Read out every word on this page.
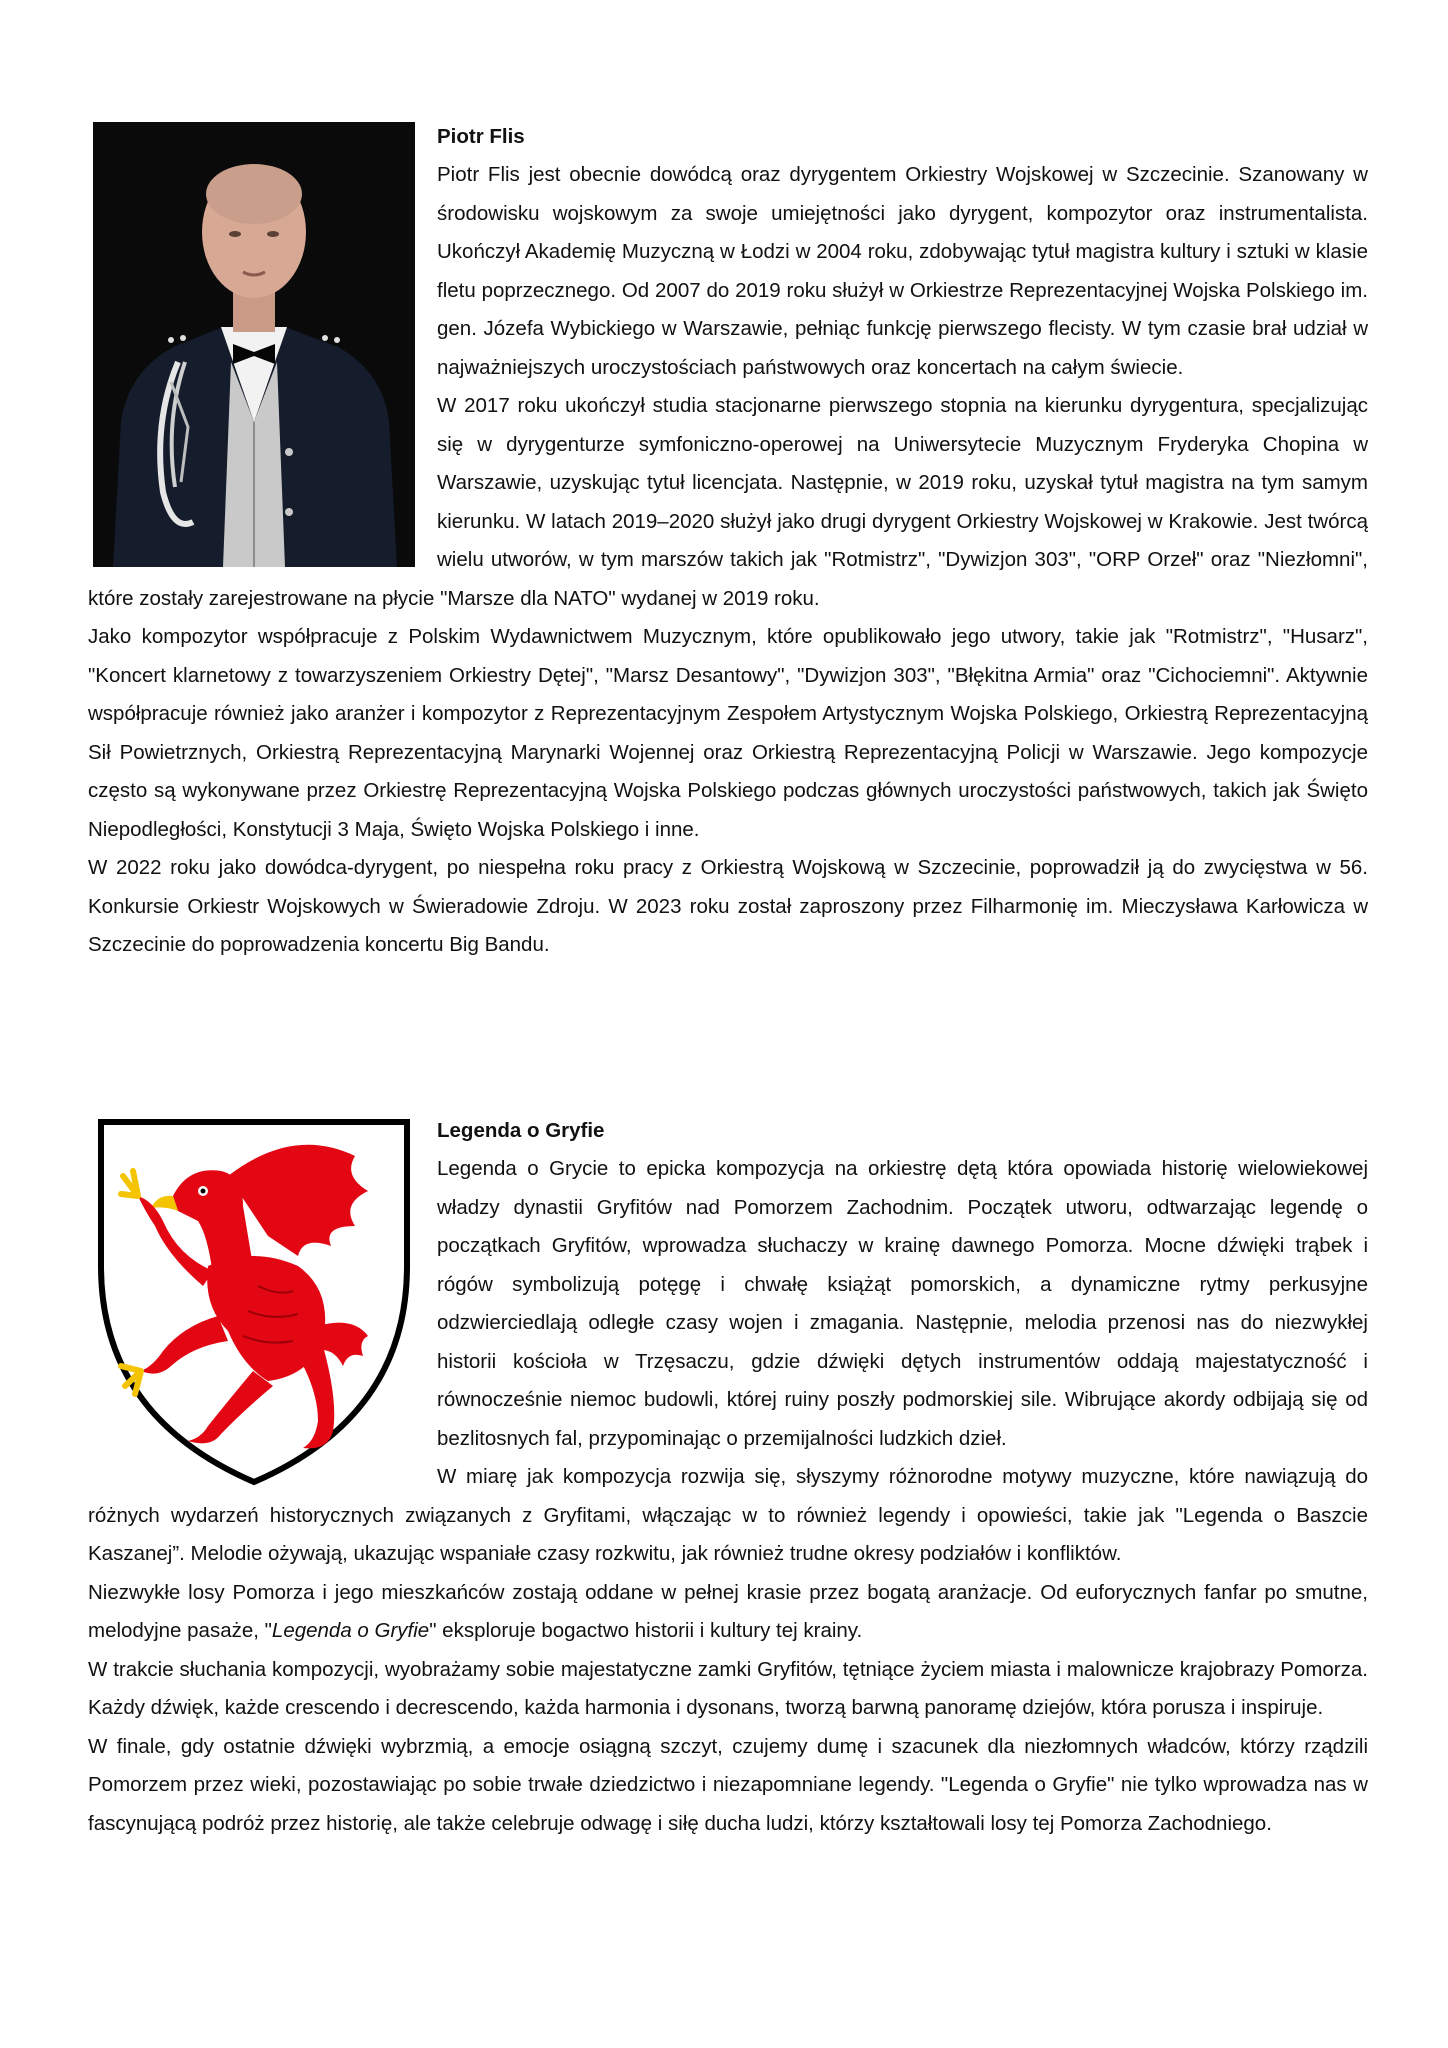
Piotr Flis

Piotr Flis jest obecnie dowódcą oraz dyrygentem Orkiestry Wojskowej w Szczecinie. Szanowany w środowisku wojskowym za swoje umiejętności jako dyrygent, kompozytor oraz instrumentalista. Ukończył Akademię Muzyczną w Łodzi w 2004 roku, zdobywając tytuł magistra kultury i sztuki w klasie fletu poprzecznego. Od 2007 do 2019 roku służył w Orkiestrze Reprezentacyjnej Wojska Polskiego im. gen. Józefa Wybickiego w Warszawie, pełniąc funkcję pierwszego flecisty. W tym czasie brał udział w najważniejszych uroczystościach państwowych oraz koncertach na całym świecie.

W 2017 roku ukończył studia stacjonarne pierwszego stopnia na kierunku dyrygentura, specjalizując się w dyrygenturze symfoniczno-operowej na Uniwersytecie Muzycznym Fryderyka Chopina w Warszawie, uzyskując tytuł licencjata. Następnie, w 2019 roku, uzyskał tytuł magistra na tym samym kierunku. W latach 2019–2020 służył jako drugi dyrygent Orkiestry Wojskowej w Krakowie. Jest twórcą wielu utworów, w tym marszów takich jak "Rotmistrz", "Dywizjon 303", "ORP Orzeł" oraz "Niezłomni", które zostały zarejestrowane na płycie "Marsze dla NATO" wydanej w 2019 roku.

Jako kompozytor współpracuje z Polskim Wydawnictwem Muzycznym, które opublikowało jego utwory, takie jak "Rotmistrz", "Husarz", "Koncert klarnetowy z towarzyszeniem Orkiestry Dętej", "Marsz Desantowy", "Dywizjon 303", "Błękitna Armia" oraz "Cichociemni". Aktywnie współpracuje również jako aranżer i kompozytor z Reprezentacyjnym Zespołem Artystycznym Wojska Polskiego, Orkiestrą Reprezentacyjną Sił Powietrznych, Orkiestrą Reprezentacyjną Marynarki Wojennej oraz Orkiestrą Reprezentacyjną Policji w Warszawie. Jego kompozycje często są wykonywane przez Orkiestrę Reprezentacyjną Wojska Polskiego podczas głównych uroczystości państwowych, takich jak Święto Niepodległości, Konstytucji 3 Maja, Święto Wojska Polskiego i inne.

W 2022 roku jako dowódca-dyrygent, po niespełna roku pracy z Orkiestrą Wojskową w Szczecinie, poprowadził ją do zwycięstwa w 56. Konkursie Orkiestr Wojskowych w Świeradowie Zdroju. W 2023 roku został zaproszony przez Filharmonię im. Mieczysława Karłowicza w Szczecinie do poprowadzenia koncertu Big Bandu.

Legenda o Gryfie

Legenda o Grycie to epicka kompozycja na orkiestrę dętą która opowiada historię wielowiekowej władzy dynastii Gryfitów nad Pomorzem Zachodnim. Początek utworu, odtwarzając legendę o początkach Gryfitów, wprowadza słuchaczy w krainę dawnego Pomorza. Mocne dźwięki trąbek i rógów symbolizują potęgę i chwałę książąt pomorskich, a dynamiczne rytmy perkusyjne odzwierciedlają odległe czasy wojen i zmagania. Następnie, melodia przenosi nas do niezwykłej historii kościoła w Trzęsaczu, gdzie dźwięki dętych instrumentów oddają majestatyczność i równocześnie niemoc budowli, której ruiny poszły podmorskiej sile. Wibrujące akordy odbijają się od bezlitosnych fal, przypominając o przemijalności ludzkich dzieł.

W miarę jak kompozycja rozwija się, słyszymy różnorodne motywy muzyczne, które nawiązują do różnych wydarzeń historycznych związanych z Gryfitami, włączając w to również legendy i opowieści, takie jak "Legenda o Baszcie Kaszanej”. Melodie ożywają, ukazując wspaniałe czasy rozkwitu, jak również trudne okresy podziałów i konfliktów.

Niezwykłe losy Pomorza i jego mieszkańców zostają oddane w pełnej krasie przez bogatą aranżacje. Od euforycznych fanfar po smutne, melodyjne pasaże, "Legenda o Gryfie" eksploruje bogactwo historii i kultury tej krainy.

W trakcie słuchania kompozycji, wyobrażamy sobie majestatyczne zamki Gryfitów, tętniące życiem miasta i malownicze krajobrazy Pomorza. Każdy dźwięk, każde crescendo i decrescendo, każda harmonia i dysonans, tworzą barwną panoramę dziejów, która porusza i inspiruje.

W finale, gdy ostatnie dźwięki wybrzmią, a emocje osiągną szczyt, czujemy dumę i szacunek dla niezłomnych władców, którzy rządzili Pomorzem przez wieki, pozostawiając po sobie trwałe dziedzictwo i niezapomniane legendy. "Legenda o Gryfie" nie tylko wprowadza nas w fascynującą podróż przez historię, ale także celebruje odwagę i siłę ducha ludzi, którzy kształtowali losy tej Pomorza Zachodniego.
